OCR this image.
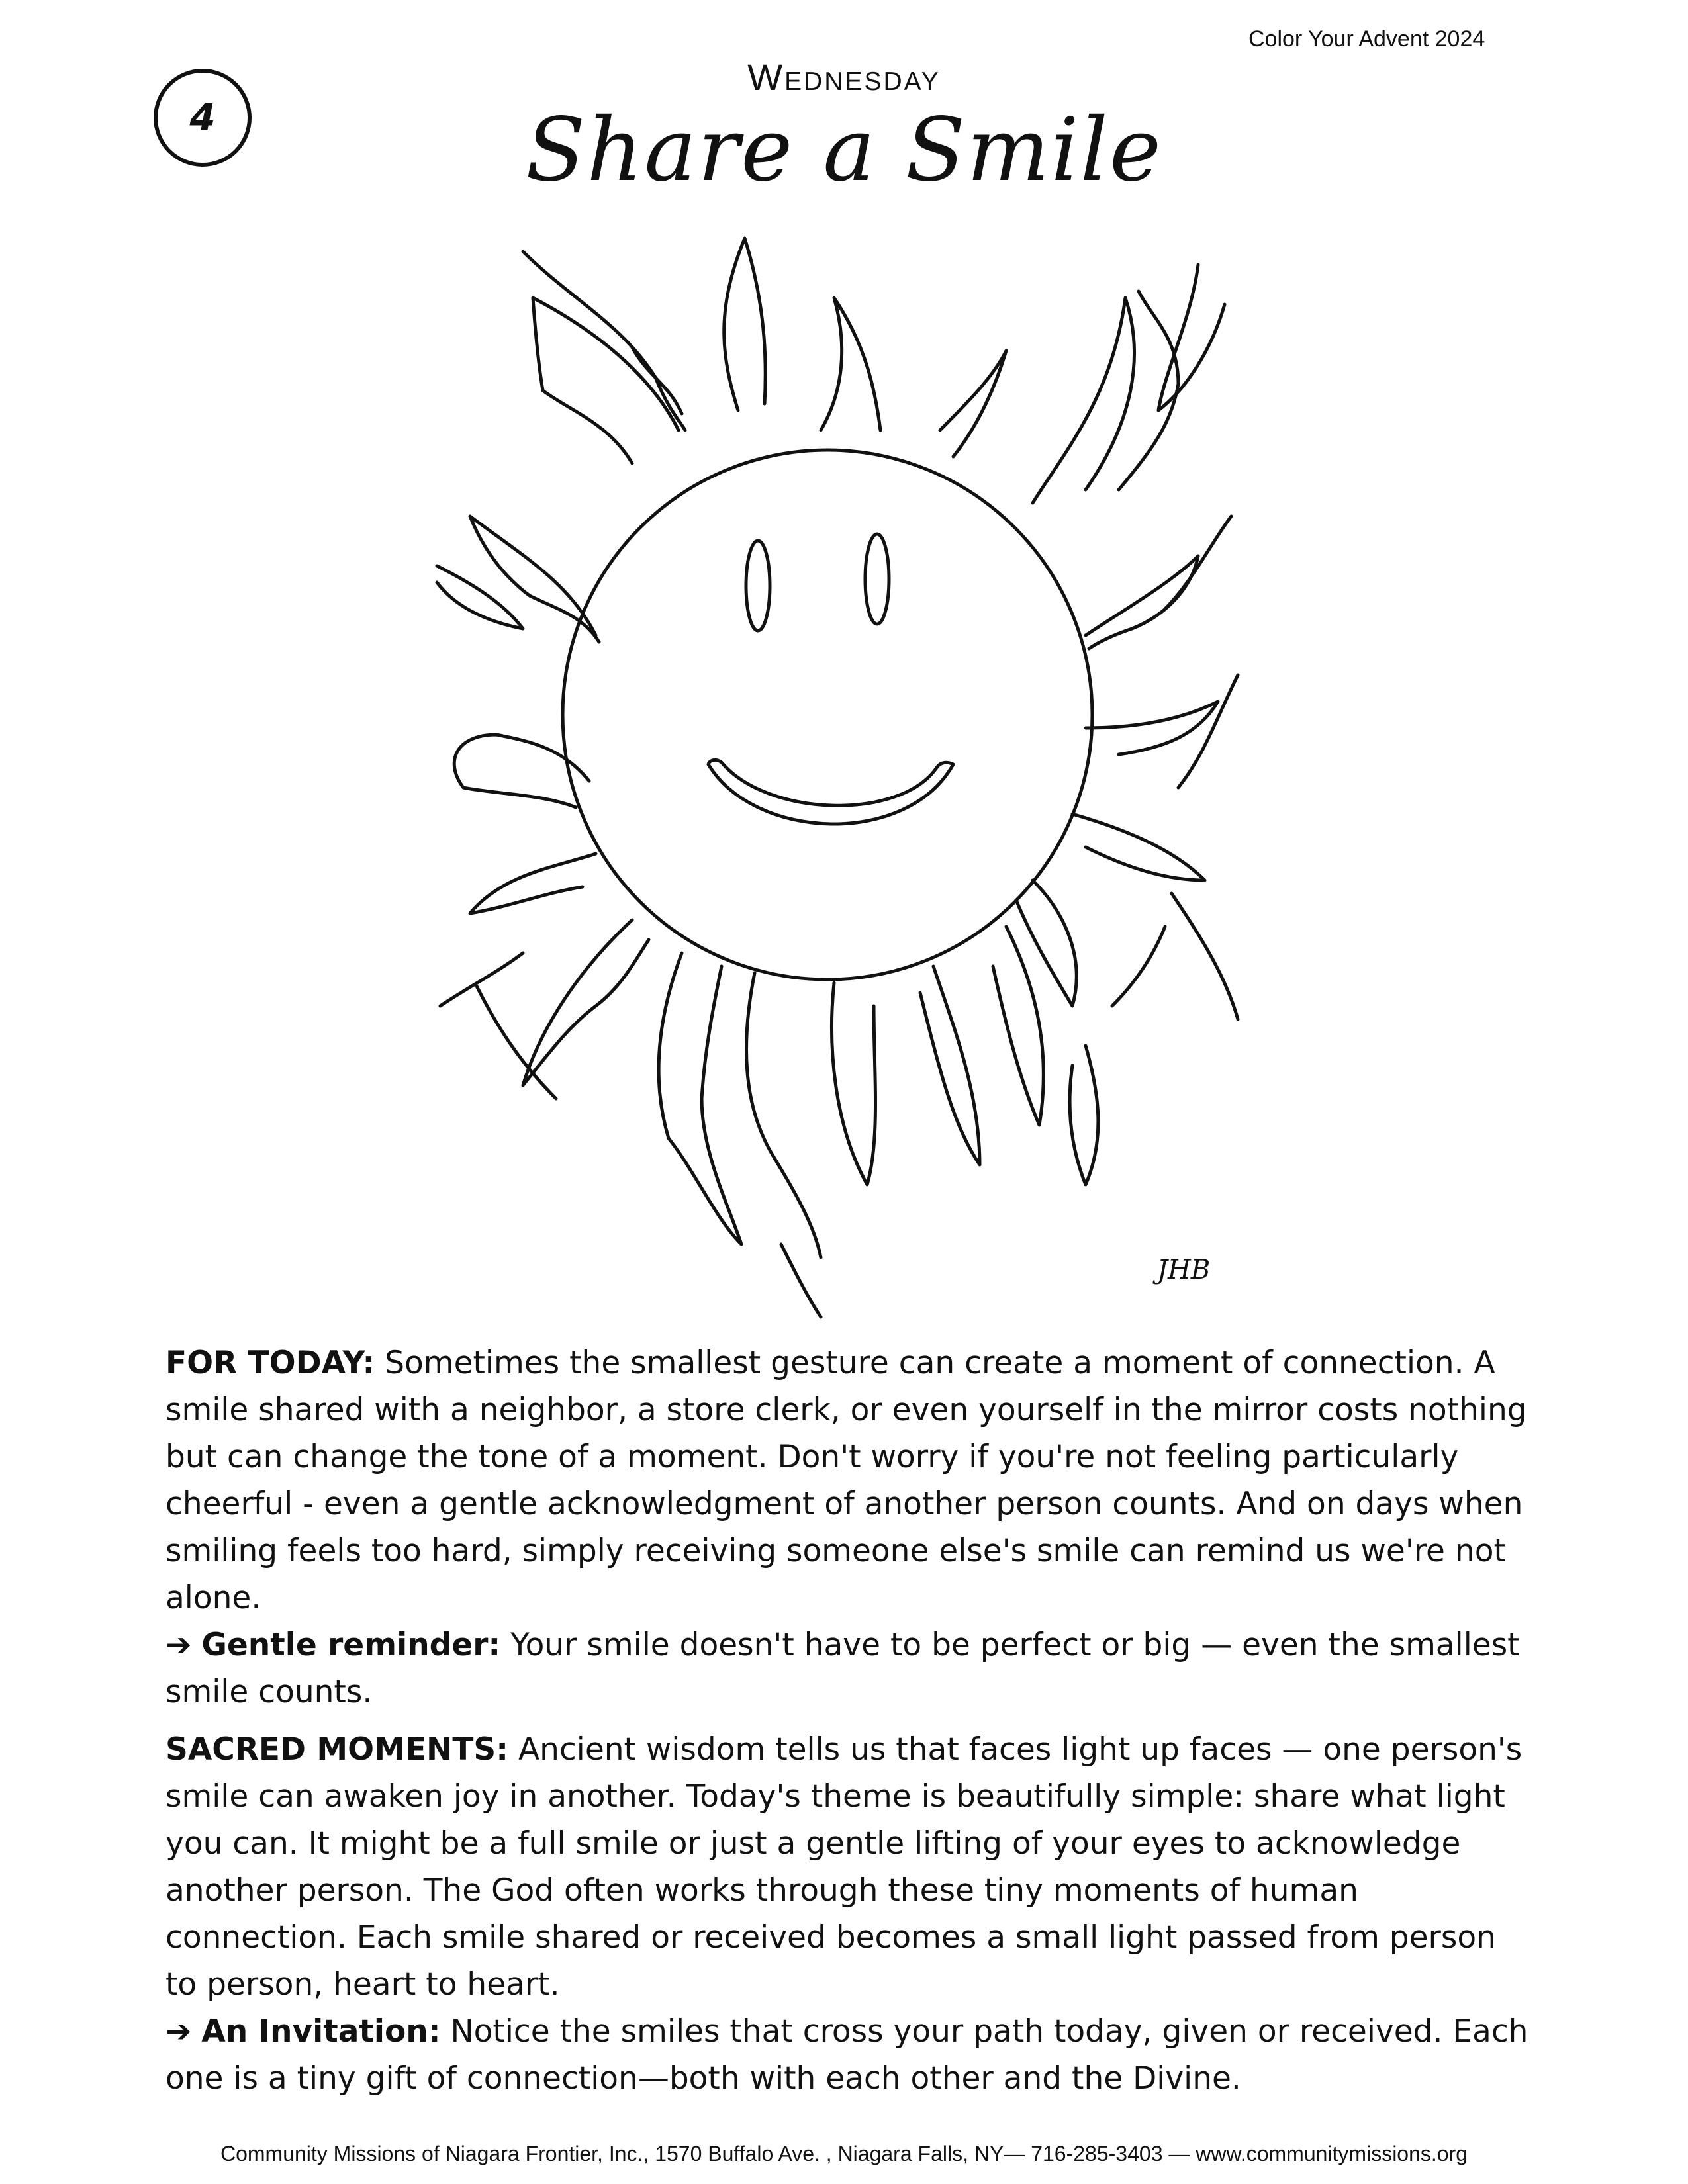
Color Your Advent 2024
4
Wednesday
Share a Smile
JHB

FOR TODAY: Sometimes the smallest gesture can create a moment of connection. A smile shared with a neighbor, a store clerk, or even yourself in the mirror costs nothing but can change the tone of a moment. Don't worry if you're not feeling particularly cheerful - even a gentle acknowledgment of another person counts. And on days when smiling feels too hard, simply receiving someone else's smile can remind us we're not alone.

➔ Gentle reminder: Your smile doesn't have to be perfect or big — even the smallest smile counts.

SACRED MOMENTS: Ancient wisdom tells us that faces light up faces — one person's smile can awaken joy in another. Today's theme is beautifully simple: share what light you can. It might be a full smile or just a gentle lifting of your eyes to acknowledge another person. The God often works through these tiny moments of human connection. Each smile shared or received becomes a small light passed from person to person, heart to heart.

➔ An Invitation: Notice the smiles that cross your path today, given or received. Each one is a tiny gift of connection—both with each other and the Divine.

Community Missions of Niagara Frontier, Inc., 1570 Buffalo Ave. , Niagara Falls, NY— 716-285-3403 — www.communitymissions.org
